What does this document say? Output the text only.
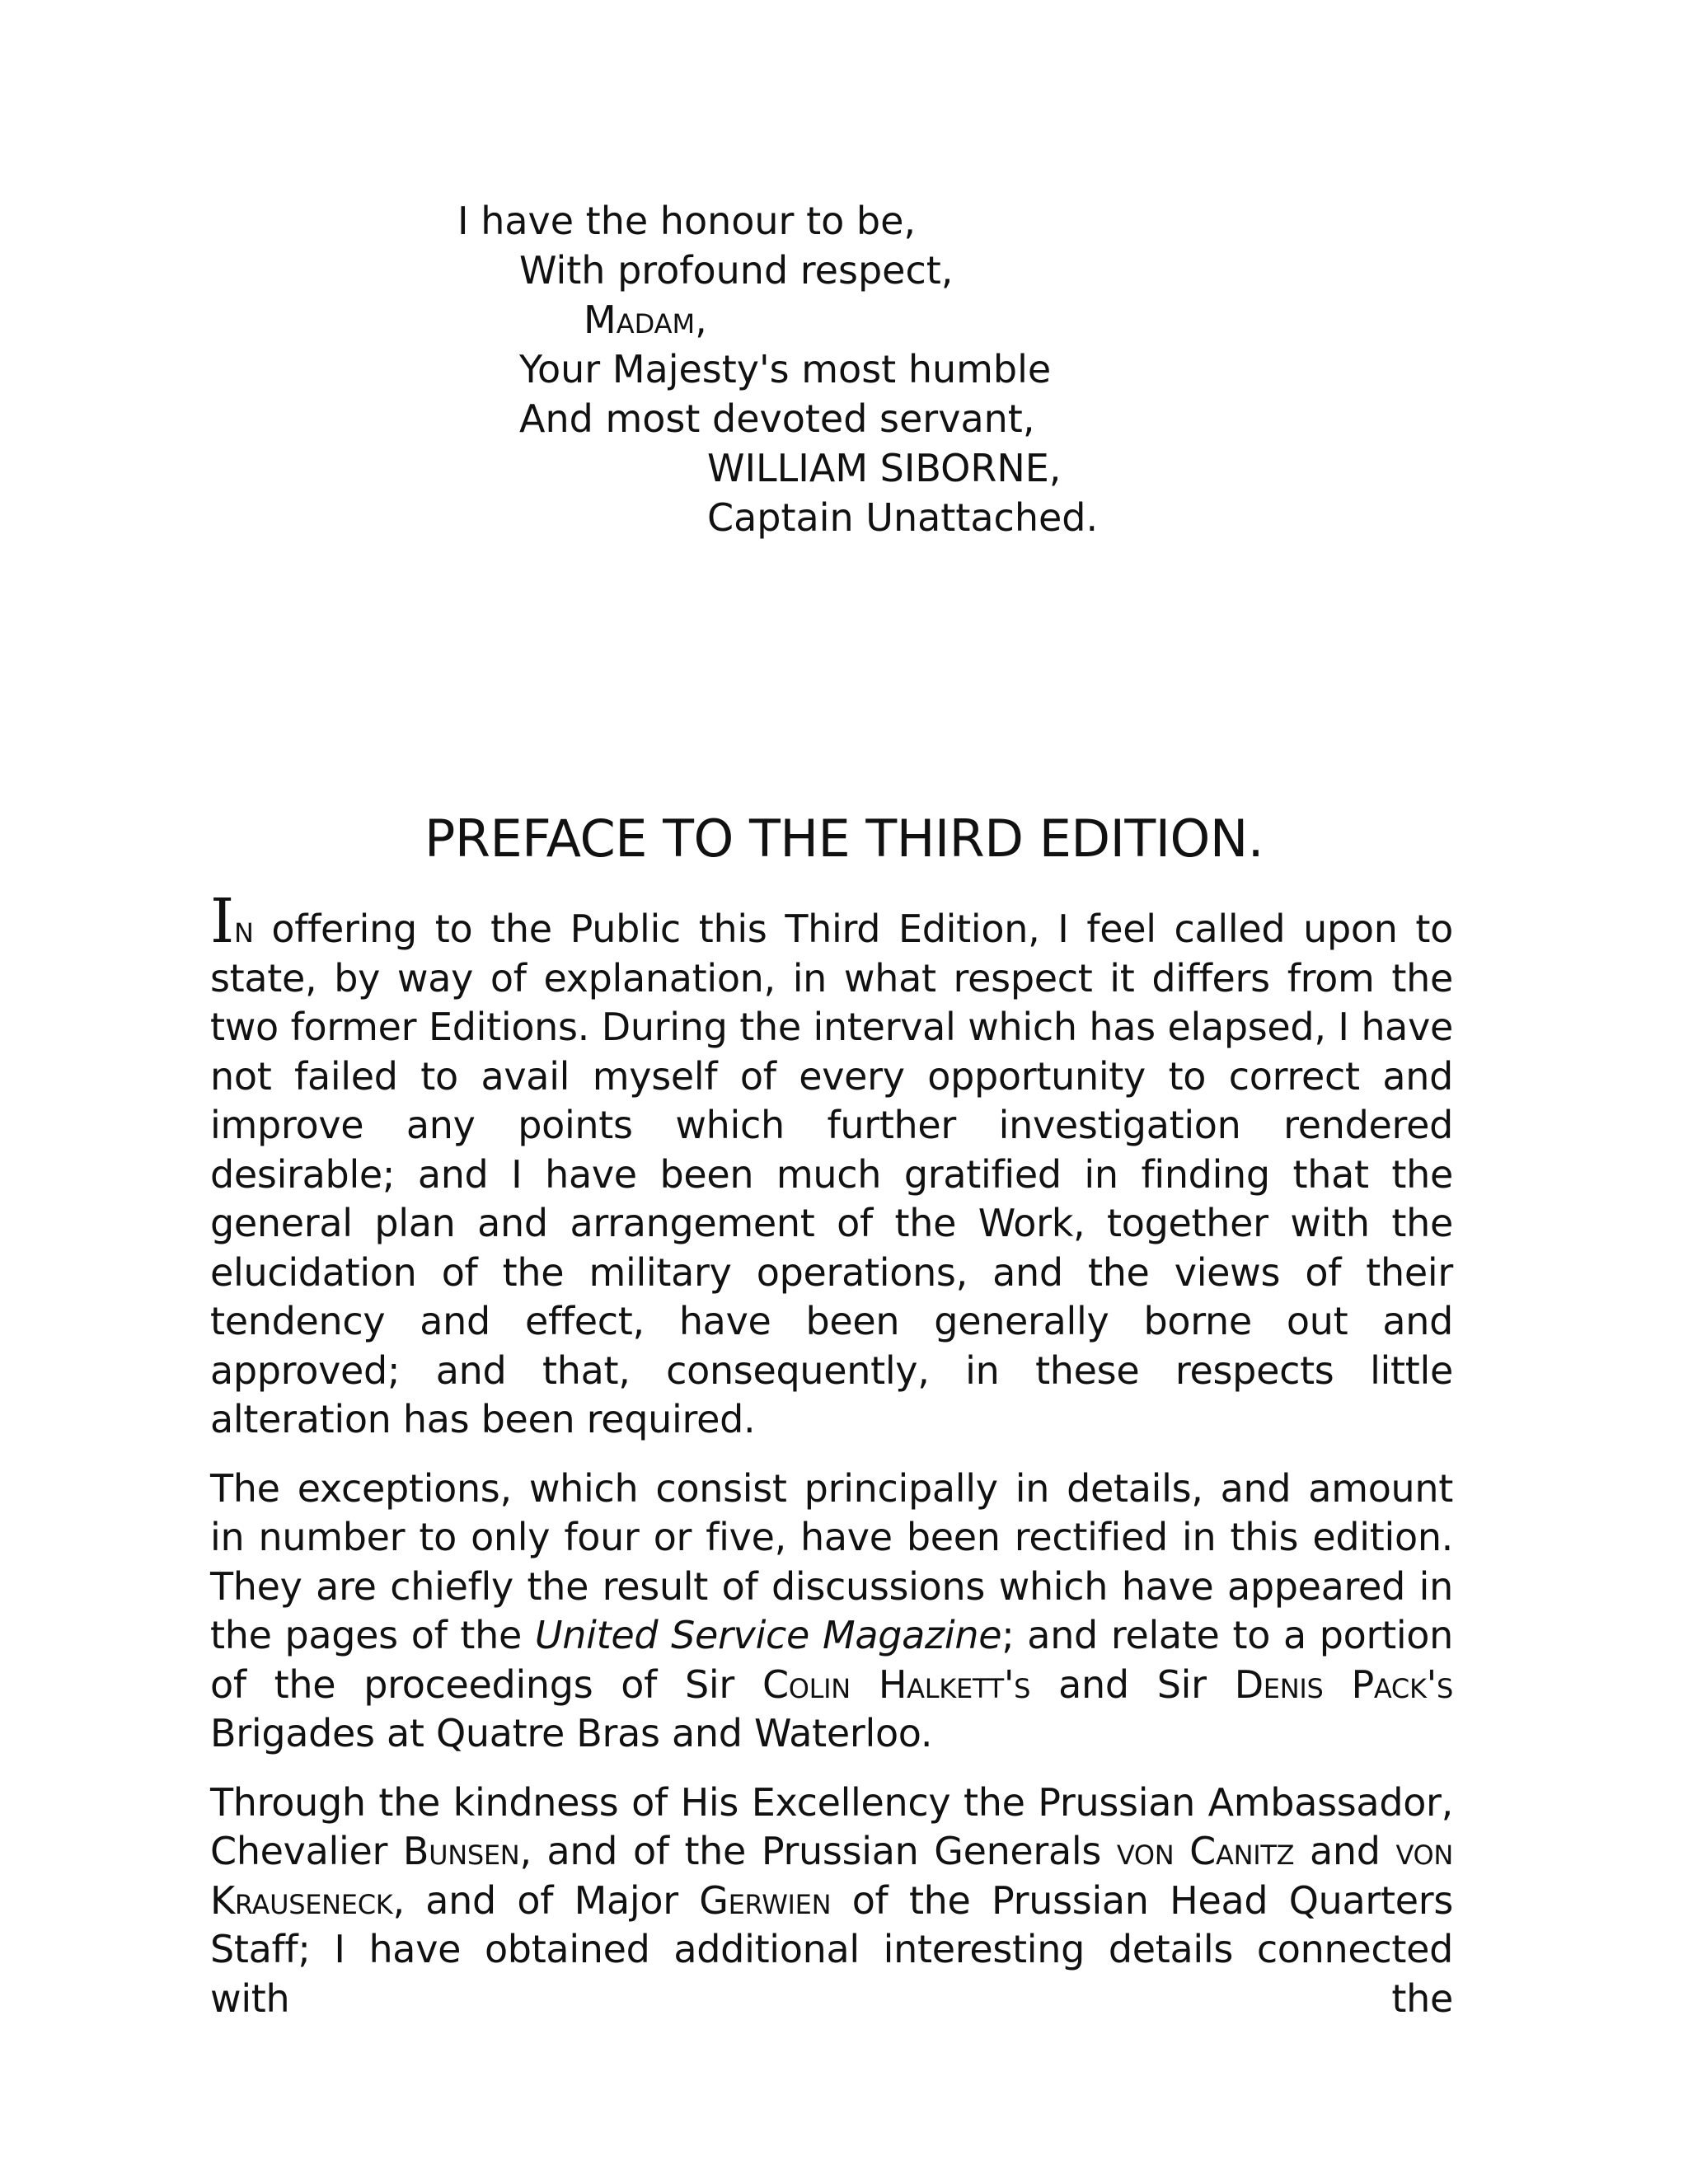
I have the honour to be,
With profound respect,
Madam,
Your Majesty's most humble
And most devoted servant,
WILLIAM SIBORNE,
Captain Unattached.
PREFACE TO THE THIRD EDITION.

In offering to the Public this Third Edition, I feel called upon to state, by way of explanation, in what respect it differs from the two former Editions. During the interval which has elapsed, I have not failed to avail myself of every opportunity to correct and improve any points which further investigation rendered desirable; and I have been much gratified in finding that the general plan and arrangement of the Work, together with the elucidation of the military operations, and the views of their tendency and effect, have been generally borne out and approved; and that, consequently, in these respects little alteration has been required.

The exceptions, which consist principally in details, and amount in number to only four or five, have been rectified in this edition. They are chiefly the result of discussions which have appeared in the pages of the United Service Magazine; and relate to a portion of the proceedings of Sir Colin Halkett's and Sir Denis Pack's Brigades at Quatre Bras and Waterloo.

Through the kindness of His Excellency the Prussian Ambassador, Chevalier Bunsen, and of the Prussian Generals von Canitz and von Krauseneck, and of Major Gerwien of the Prussian Head Quarters Staff; I have obtained additional interesting details connected with the
